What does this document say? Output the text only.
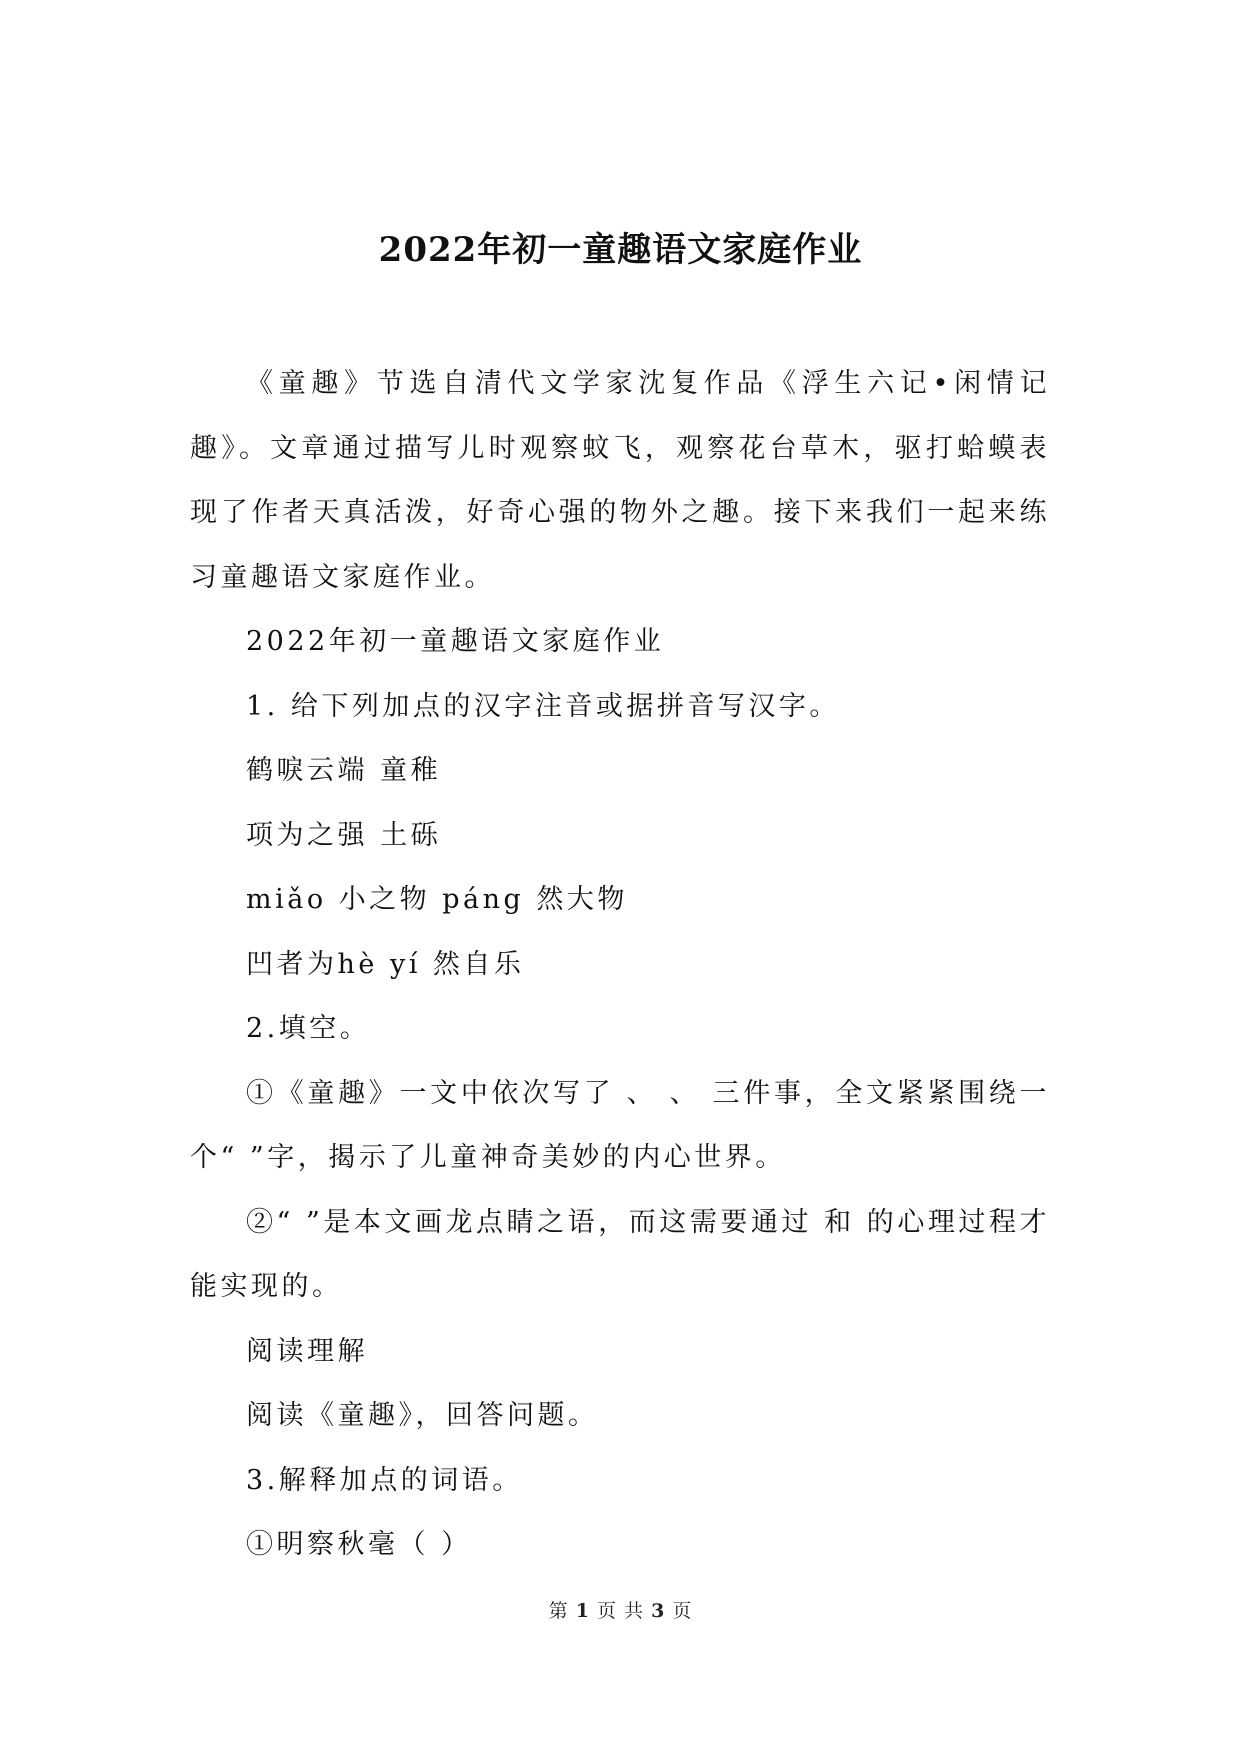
2022年初一童趣语文家庭作业

《童趣》节选自清代文学家沈复作品《浮生六记•闲情记趣》。文章通过描写儿时观察蚊飞，观察花台草木，驱打蛤蟆表现了作者天真活泼，好奇心强的物外之趣。接下来我们一起来练习童趣语文家庭作业。

2022年初一童趣语文家庭作业

1. 给下列加点的汉字注音或据拼音写汉字。

鹤唳云端 童稚

项为之强 土砾

miǎo 小之物 páng 然大物

凹者为hè yí 然自乐

2.填空。

①《童趣》一文中依次写了 、 、 三件事，全文紧紧围绕一个“ ”字，揭示了儿童神奇美妙的内心世界。

②“ ”是本文画龙点睛之语，而这需要通过 和 的心理过程才能实现的。

阅读理解

阅读《童趣》，回答问题。

3.解释加点的词语。

①明察秋毫（ ）

第 1 页 共 3 页
